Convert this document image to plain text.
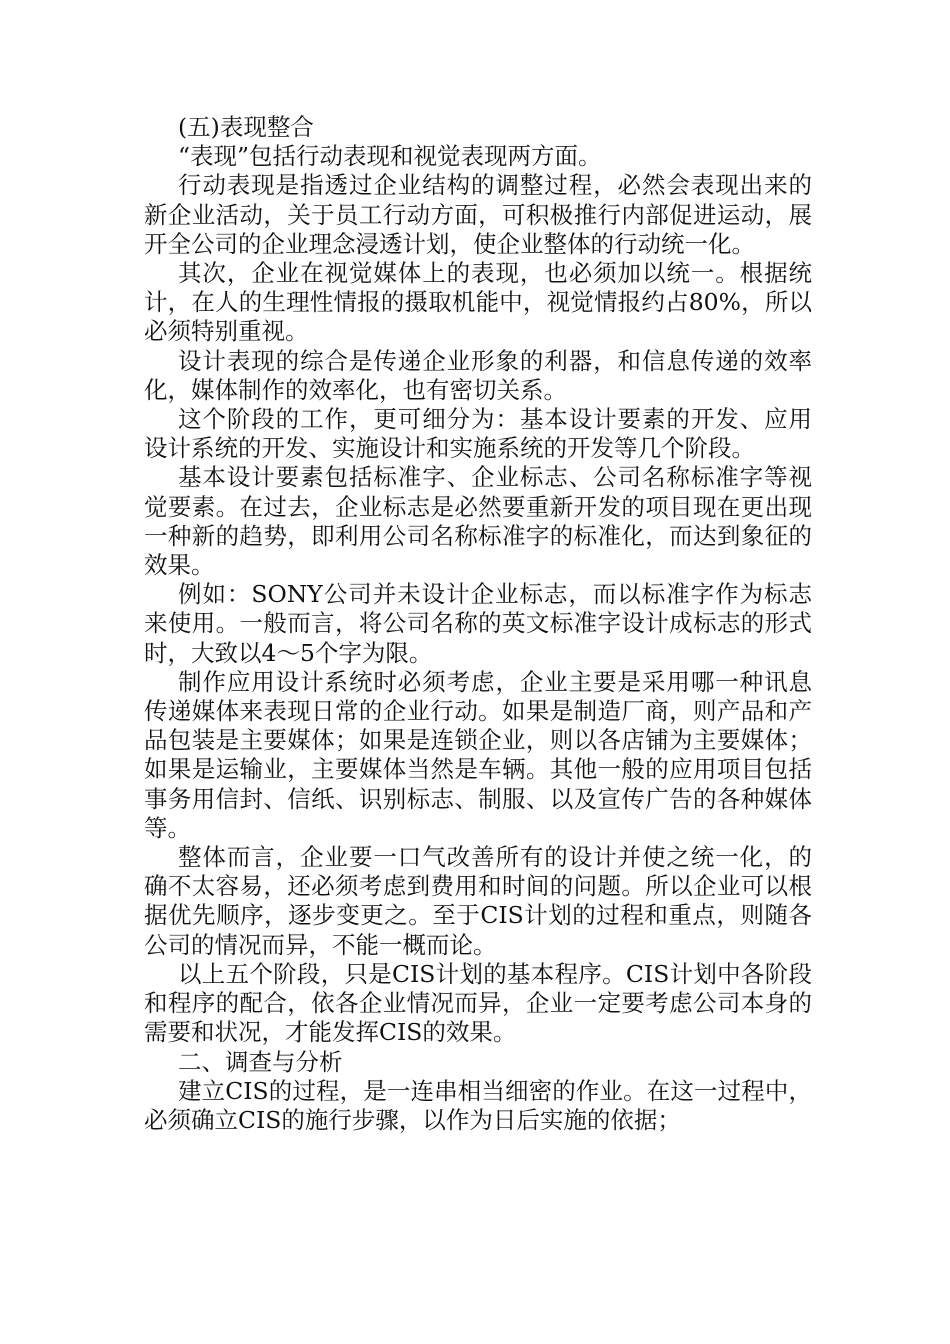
(五)表现整合

“表现”包括行动表现和视觉表现两方面。

行动表现是指透过企业结构的调整过程，必然会表现出来的新企业活动，关于员工行动方面，可积极推行内部促进运动，展开全公司的企业理念浸透计划，使企业整体的行动统一化。

其次，企业在视觉媒体上的表现，也必须加以统一。根据统计，在人的生理性情报的摄取机能中，视觉情报约占80%，所以必须特别重视。

设计表现的综合是传递企业形象的利器，和信息传递的效率化，媒体制作的效率化，也有密切关系。

这个阶段的工作，更可细分为：基本设计要素的开发、应用设计系统的开发、实施设计和实施系统的开发等几个阶段。

基本设计要素包括标准字、企业标志、公司名称标准字等视觉要素。在过去，企业标志是必然要重新开发的项目现在更出现一种新的趋势，即利用公司名称标准字的标准化，而达到象征的效果。

例如：SONY公司并未设计企业标志，而以标准字作为标志来使用。一般而言，将公司名称的英文标准字设计成标志的形式时，大致以4～5个字为限。

制作应用设计系统时必须考虑，企业主要是采用哪一种讯息传递媒体来表现日常的企业行动。如果是制造厂商，则产品和产品包装是主要媒体；如果是连锁企业，则以各店铺为主要媒体；如果是运输业，主要媒体当然是车辆。其他一般的应用项目包括事务用信封、信纸、识别标志、制服、以及宣传广告的各种媒体等。

整体而言，企业要一口气改善所有的设计并使之统一化，的确不太容易，还必须考虑到费用和时间的问题。所以企业可以根据优先顺序，逐步变更之。至于CIS计划的过程和重点，则随各公司的情况而异，不能一概而论。

以上五个阶段，只是CIS计划的基本程序。CIS计划中各阶段和程序的配合，依各企业情况而异，企业一定要考虑公司本身的需要和状况，才能发挥CIS的效果。

二、调查与分析

建立CIS的过程，是一连串相当细密的作业。在这一过程中，必须确立CIS的施行步骤，以作为日后实施的依据；
